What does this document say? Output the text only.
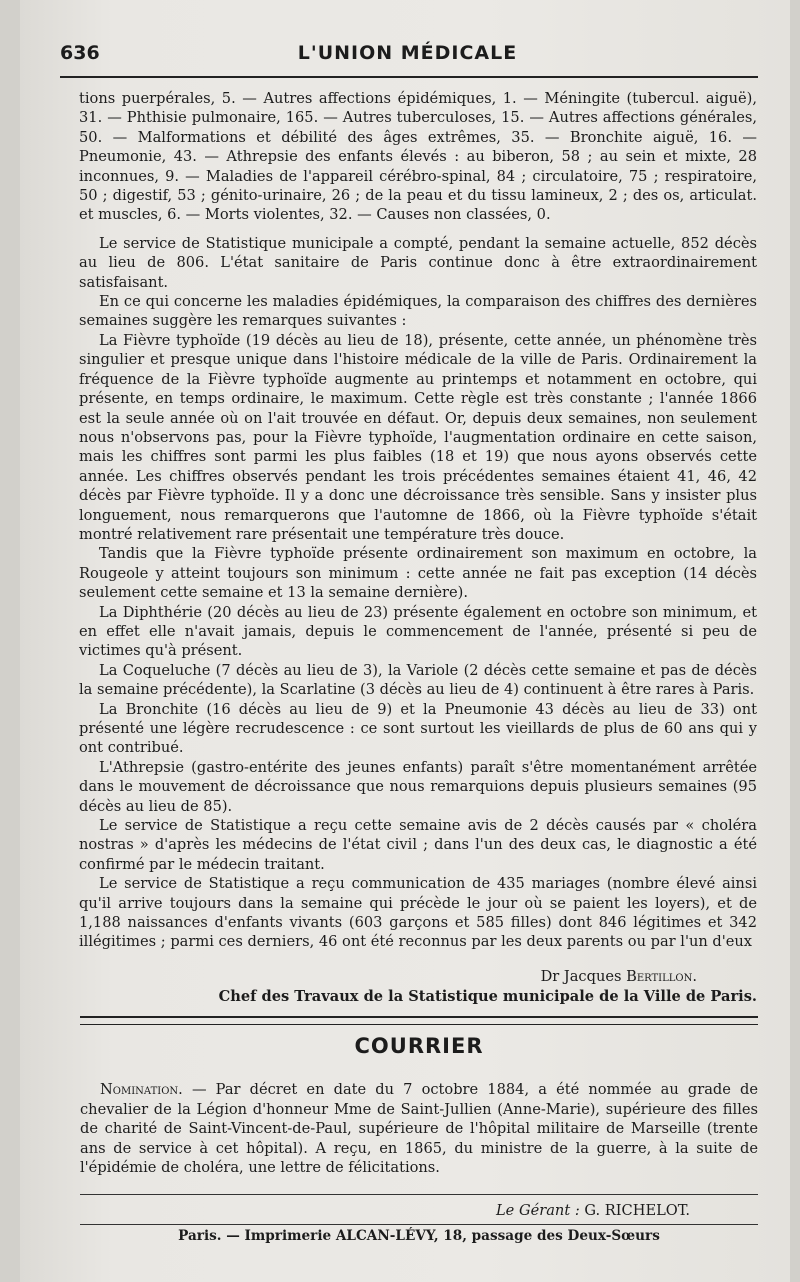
636	L'UNION MÉDICALE

tions puerpérales, 5. — Autres affections épidémiques, 1. — Méningite (tubercul. aiguë), 31. — Phthisie pulmonaire, 165. — Autres tuberculoses, 15. — Autres affections générales, 50. — Malformations et débilité des âges extrêmes, 35. — Bronchite aiguë, 16. — Pneumonie, 43. — Athrepsie des enfants élevés : au biberon, 58 ; au sein et mixte, 28 inconnues, 9. — Maladies de l'appareil cérébro-spinal, 84 ; circulatoire, 75 ; respiratoire, 50 ; digestif, 53 ; génito-urinaire, 26 ; de la peau et du tissu lamineux, 2 ; des os, articulat. et muscles, 6. — Morts violentes, 32. — Causes non classées, 0.

Le service de Statistique municipale a compté, pendant la semaine actuelle, 852 décès au lieu de 806. L'état sanitaire de Paris continue donc à être extraordinairement satisfaisant.

En ce qui concerne les maladies épidémiques, la comparaison des chiffres des dernières semaines suggère les remarques suivantes :

La Fièvre typhoïde (19 décès au lieu de 18), présente, cette année, un phénomène très singulier et presque unique dans l'histoire médicale de la ville de Paris. Ordinairement la fréquence de la Fièvre typhoïde augmente au printemps et notamment en octobre, qui présente, en temps ordinaire, le maximum. Cette règle est très constante ; l'année 1866 est la seule année où on l'ait trouvée en défaut. Or, depuis deux semaines, non seulement nous n'observons pas, pour la Fièvre typhoïde, l'augmentation ordinaire en cette saison, mais les chiffres sont parmi les plus faibles (18 et 19) que nous ayons observés cette année. Les chiffres observés pendant les trois précédentes semaines étaient 41, 46, 42 décès par Fièvre typhoïde. Il y a donc une décroissance très sensible. Sans y insister plus longuement, nous remarquerons que l'automne de 1866, où la Fièvre typhoïde s'était montré relativement rare présentait une température très douce.

Tandis que la Fièvre typhoïde présente ordinairement son maximum en octobre, la Rougeole y atteint toujours son minimum : cette année ne fait pas exception (14 décès seulement cette semaine et 13 la semaine dernière).

La Diphthérie (20 décès au lieu de 23) présente également en octobre son minimum, et en effet elle n'avait jamais, depuis le commencement de l'année, présenté si peu de victimes qu'à présent.

La Coqueluche (7 décès au lieu de 3), la Variole (2 décès cette semaine et pas de décès la semaine précédente), la Scarlatine (3 décès au lieu de 4) continuent à être rares à Paris.

La Bronchite (16 décès au lieu de 9) et la Pneumonie 43 décès au lieu de 33) ont présenté une légère recrudescence : ce sont surtout les vieillards de plus de 60 ans qui y ont contribué.

L'Athrepsie (gastro-entérite des jeunes enfants) paraît s'être momentanément arrêtée dans le mouvement de décroissance que nous remarquions depuis plusieurs semaines (95 décès au lieu de 85).

Le service de Statistique a reçu cette semaine avis de 2 décès causés par « choléra nostras » d'après les médecins de l'état civil ; dans l'un des deux cas, le diagnostic a été confirmé par le médecin traitant.

Le service de Statistique a reçu communication de 435 mariages (nombre élevé ainsi qu'il arrive toujours dans la semaine qui précède le jour où se paient les loyers), et de 1,188 naissances d'enfants vivants (603 garçons et 585 filles) dont 846 légitimes et 342 illégitimes ; parmi ces derniers, 46 ont été reconnus par les deux parents ou par l'un d'eux

Dr Jacques Bertillon.
Chef des Travaux de la Statistique municipale de la Ville de Paris.
COURRIER

Nomination. — Par décret en date du 7 octobre 1884, a été nommée au grade de chevalier de la Légion d'honneur Mme de Saint-Jullien (Anne-Marie), supérieure des filles de charité de Saint-Vincent-de-Paul, supérieure de l'hôpital militaire de Marseille (trente ans de service à cet hôpital). A reçu, en 1865, du ministre de la guerre, à la suite de l'épidémie de choléra, une lettre de félicitations.

Le Gérant : G. RICHELOT.
Paris. — Imprimerie ALCAN-LÉVY, 18, passage des Deux-Sœurs
